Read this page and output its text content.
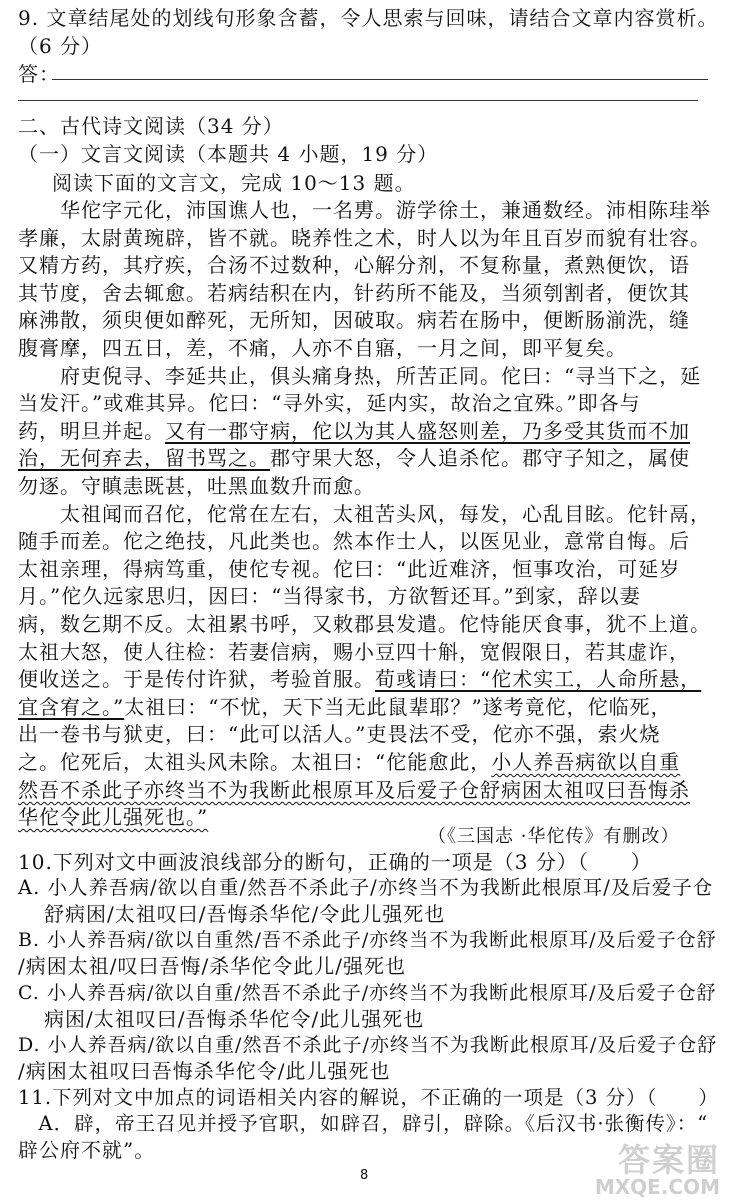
9. 文章结尾处的划线句形象含蓄，令人思索与回味，请结合文章内容赏析。
（6 分）
答：
二、古代诗文阅读（34 分）
（一）文言文阅读（本题共 4 小题，19 分）
阅读下面的文言文，完成 10～13 题。
　　华佗字元化，沛国谯人也，一名旉。游学徐土，兼通数经。沛相陈珪举
孝廉，太尉黄琬辟，皆不就。晓养性之术，时人以为年且百岁而貌有壮容。
又精方药，其疗疾，合汤不过数种，心解分剂，不复称量，煮熟便饮，语
其节度，舍去辄愈。若病结积在内，针药所不能及，当须刳割者，便饮其
麻沸散，须臾便如醉死，无所知，因破取。病若在肠中，便断肠湔洗，缝
腹膏摩，四五日，差，不痛，人亦不自寤，一月之间，即平复矣。
　　府吏倪寻、李延共止，俱头痛身热，所苦正同。佗曰：“寻当下之，延
当发汗。”或难其异。佗曰：“寻外实，延内实，故治之宜殊。”即各与
药，明旦并起。又有一郡守病，佗以为其人盛怒则差，乃多受其货而不加
治，无何弃去，留书骂之。郡守果大怒，令人追杀佗。郡守子知之，属使
勿逐。守瞋恚既甚，吐黑血数升而愈。
　　太祖闻而召佗，佗常在左右，太祖苦头风，每发，心乱目眩。佗针鬲，
随手而差。佗之绝技，凡此类也。然本作士人，以医见业，意常自悔。后
太祖亲理，得病笃重，使佗专视。佗曰：“此近难济，恒事攻治，可延岁
月。”佗久远家思归，因曰：“当得家书，方欲暂还耳。”到家，辞以妻
病，数乞期不反。太祖累书呼，又敕郡县发遣。佗恃能厌食事，犹不上道。
太祖大怒，使人往检：若妻信病，赐小豆四十斛，宽假限日，若其虚诈，
便收送之。于是传付许狱，考验首服。荀彧请曰：“佗术实工，人命所悬，
宜含宥之。”太祖曰：“不忧，天下当无此鼠辈耶？”遂考竟佗，佗临死，
出一卷书与狱吏，曰：“此可以活人。”吏畏法不受，佗亦不强，索火烧
之。佗死后，太祖头风未除。太祖曰：“佗能愈此，小人养吾病欲以自重
然吾不杀此子亦终当不为我断此根原耳及后爱子仓舒病困太祖叹曰吾悔杀
华佗令此儿强死也。”
（《三国志 ·华佗传》有删改）
10.下列对文中画波浪线部分的断句，正确的一项是（3 分）（　　）
A. 小人养吾病/欲以自重/然吾不杀此子/亦终当不为我断此根原耳/及后爱子仓
舒病困/太祖叹曰/吾悔杀华佗/令此儿强死也
B. 小人养吾病/欲以自重然/吾不杀此子/亦终当不为我断此根原耳/及后爱子仓舒
/病困太祖/叹曰吾悔/杀华佗令此儿/强死也
C. 小人养吾病/欲以自重/然吾不杀此子/亦终当不为我断此根原耳/及后爱子仓舒
病困/太祖叹曰/吾悔杀华佗令/此儿强死也
D. 小人养吾病/欲以自重/然吾不杀此子/亦终当不为我断此根原耳/及后爱子仓舒
/病困太祖叹曰吾悔杀华佗令/此儿强死也
11.下列对文中加点的词语相关内容的解说，不正确的一项是（3 分）（　　）
　A．辟，帝王召见并授予官职，如辟召，辟引，辟除。《后汉书·张衡传》：“
辟公府不就”。
8	答案圈
MXQE.COM
